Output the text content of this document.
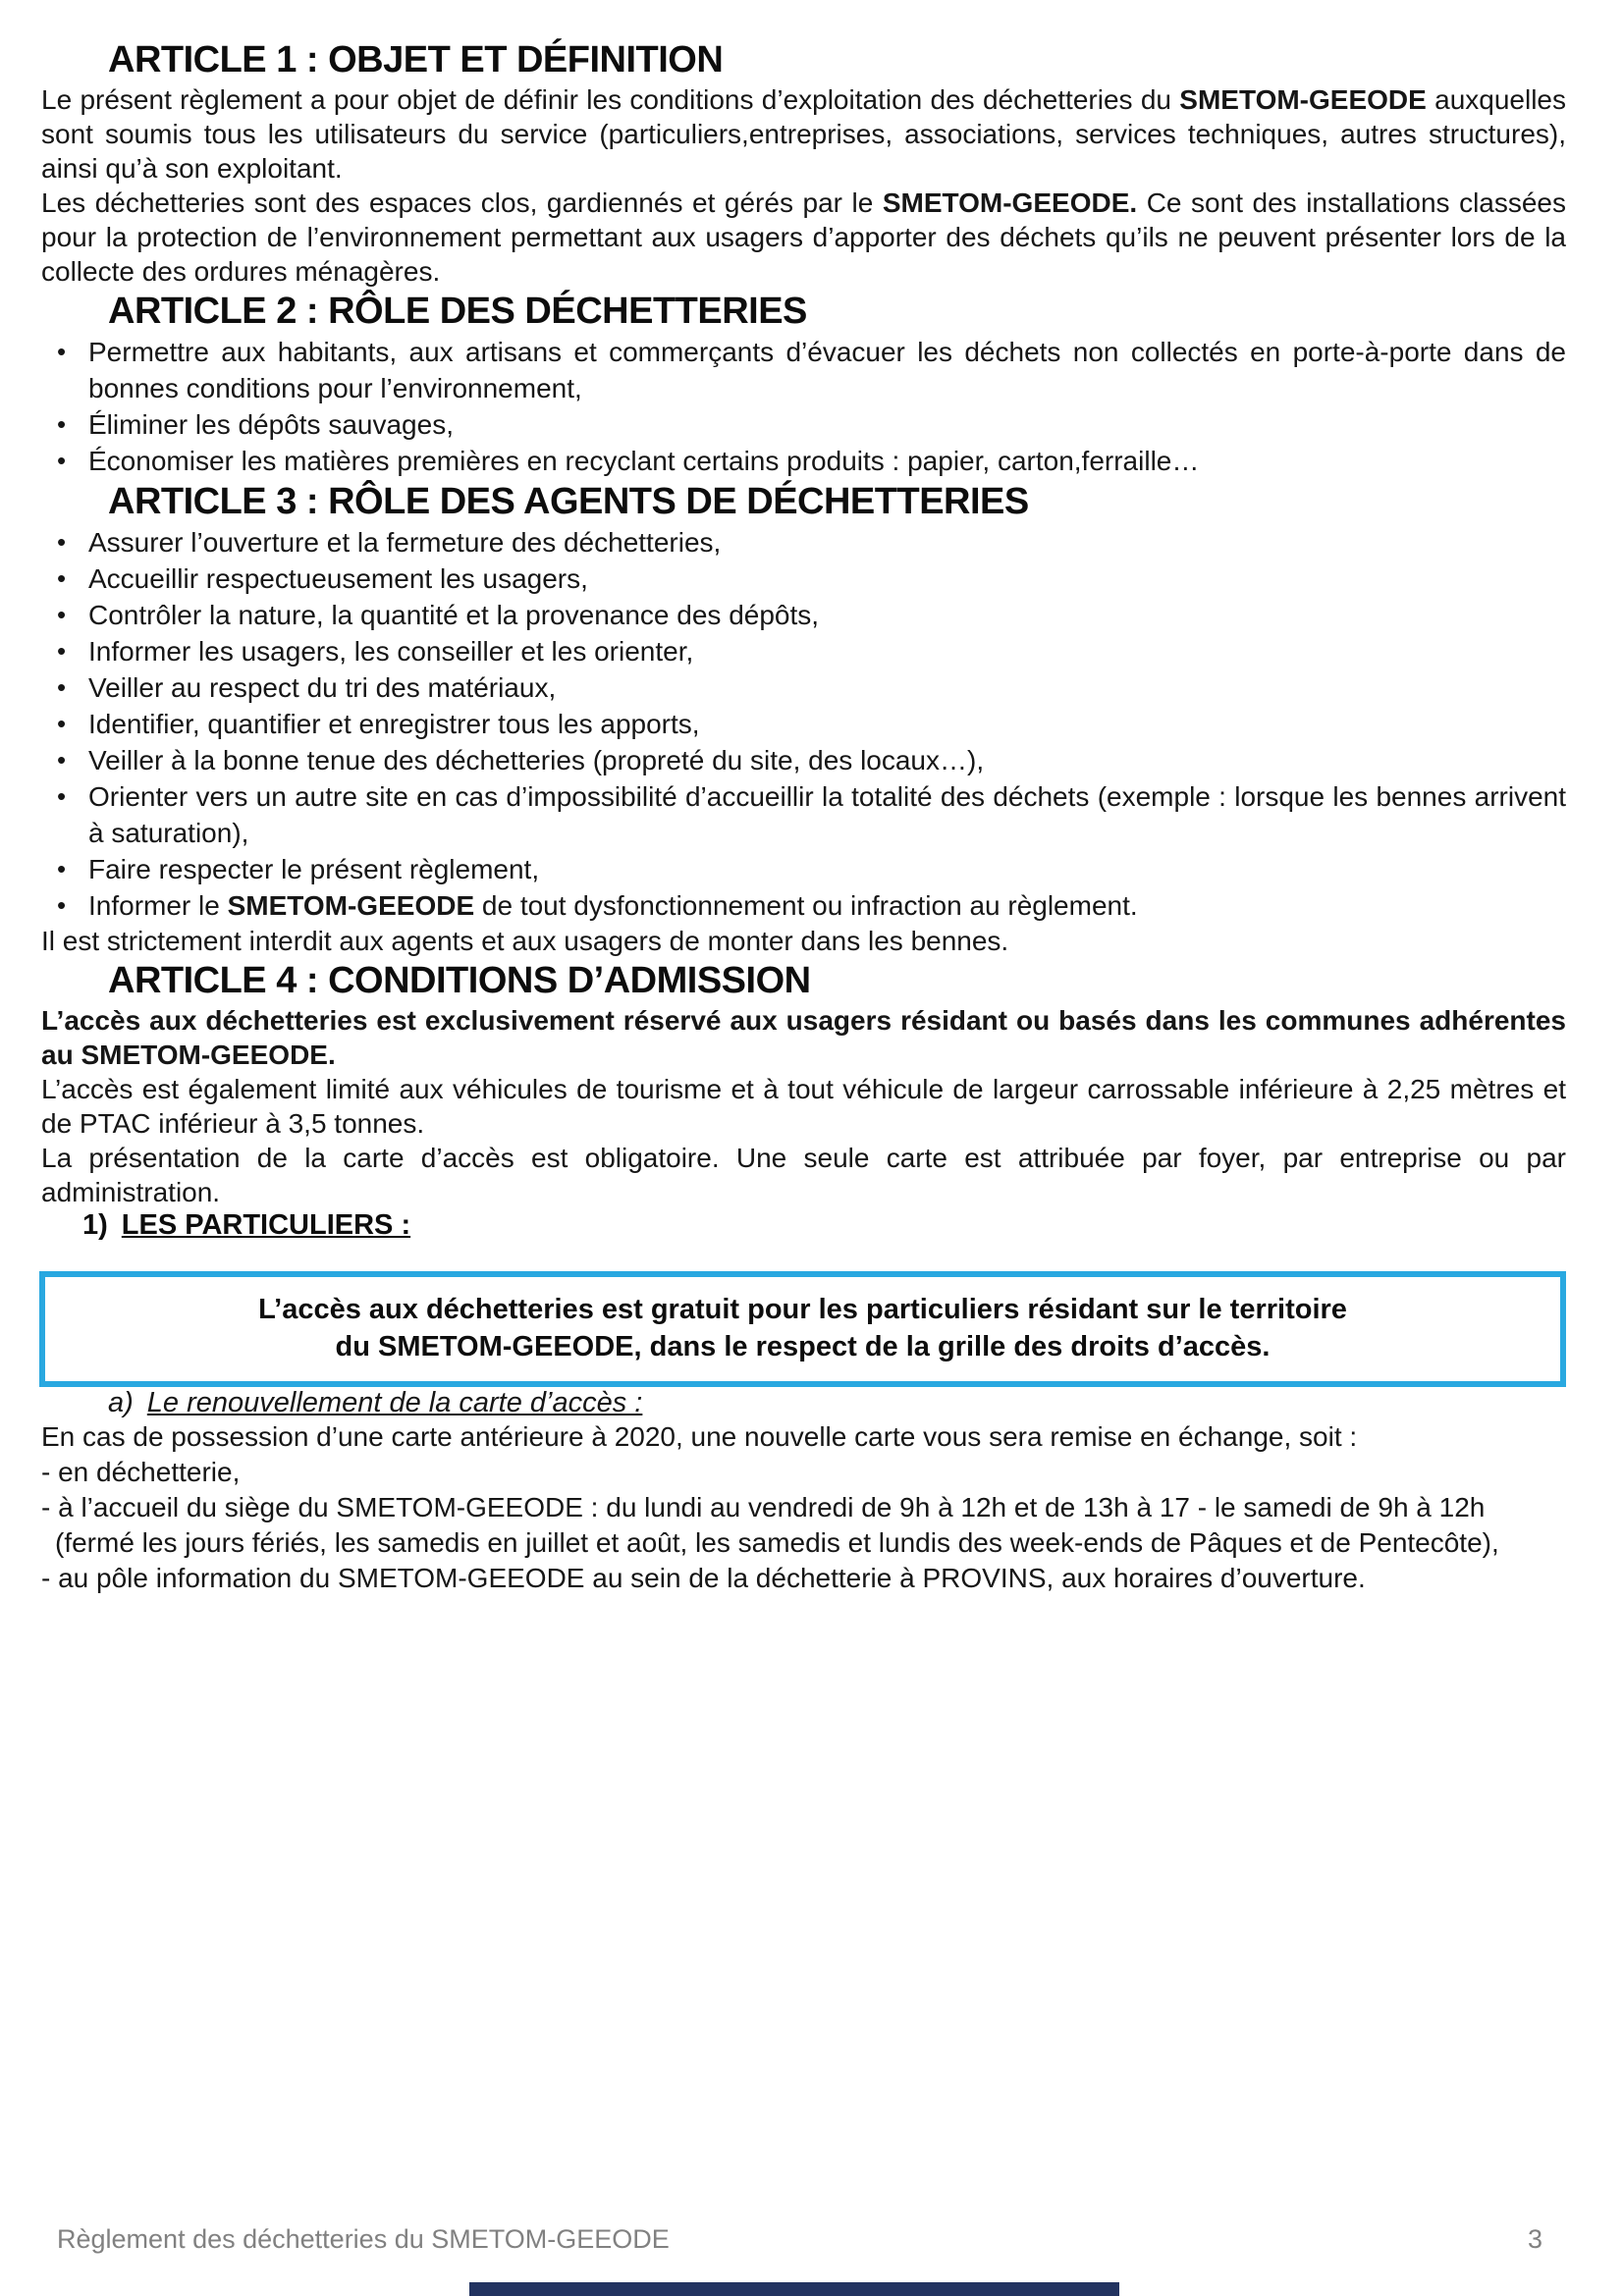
ARTICLE 1 : OBJET ET DÉFINITION

Le présent règlement a pour objet de définir les conditions d’exploitation des déchetteries du SMETOM-GEEODE auxquelles sont soumis tous les utilisateurs du service (particuliers,entreprises, associations, services techniques, autres structures), ainsi qu’à son exploitant.

Les déchetteries sont des espaces clos, gardiennés et gérés par le SMETOM-GEEODE. Ce sont des installations classées pour la protection de l’environnement permettant aux usagers d’apporter des déchets qu’ils ne peuvent présenter lors de la collecte des ordures ménagères.

ARTICLE 2 : RÔLE DES DÉCHETTERIES
• Permettre aux habitants, aux artisans et commerçants d’évacuer les déchets non collectés en porte-à-porte dans de bonnes conditions pour l’environnement,
• Éliminer les dépôts sauvages,
• Économiser les matières premières en recyclant certains produits : papier, carton,ferraille…
ARTICLE 3 : RÔLE DES AGENTS DE DÉCHETTERIES
• Assurer l’ouverture et la fermeture des déchetteries,
• Accueillir respectueusement les usagers,
• Contrôler la nature, la quantité et la provenance des dépôts,
• Informer les usagers, les conseiller et les orienter,
• Veiller au respect du tri des matériaux,
• Identifier, quantifier et enregistrer tous les apports,
• Veiller à la bonne tenue des déchetteries (propreté du site, des locaux…),
• Orienter vers un autre site en cas d’impossibilité d’accueillir la totalité des déchets (exemple : lorsque les bennes arrivent à saturation),
• Faire respecter le présent règlement,
• Informer le SMETOM-GEEODE de tout dysfonctionnement ou infraction au règlement.

Il est strictement interdit aux agents et aux usagers de monter dans les bennes.

ARTICLE 4 : CONDITIONS D’ADMISSION

L’accès aux déchetteries est exclusivement réservé aux usagers résidant ou basés dans les communes adhérentes au SMETOM-GEEODE.

L’accès est également limité aux véhicules de tourisme et à tout véhicule de largeur carrossable inférieure à 2,25 mètres et de PTAC inférieur à 3,5 tonnes.

La présentation de la carte d’accès est obligatoire. Une seule carte est attribuée par foyer, par entreprise ou par administration.

1) LES PARTICULIERS :

L’accès aux déchetteries est gratuit pour les particuliers résidant sur le territoire
du SMETOM-GEEODE, dans le respect de la grille des droits d’accès.

a) Le renouvellement de la carte d’accès :

En cas de possession d’une carte antérieure à 2020, une nouvelle carte vous sera remise en échange, soit :
- en déchetterie,
- à l’accueil du siège du SMETOM-GEEODE : du lundi au vendredi de 9h à 12h et de 13h à 17 - le samedi de 9h à 12h
(fermé les jours fériés, les samedis en juillet et août, les samedis et lundis des week-ends de Pâques et de Pentecôte),
- au pôle information du SMETOM-GEEODE au sein de la déchetterie à PROVINS, aux horaires d’ouverture.

Règlement des déchetteries du SMETOM-GEEODE	3
